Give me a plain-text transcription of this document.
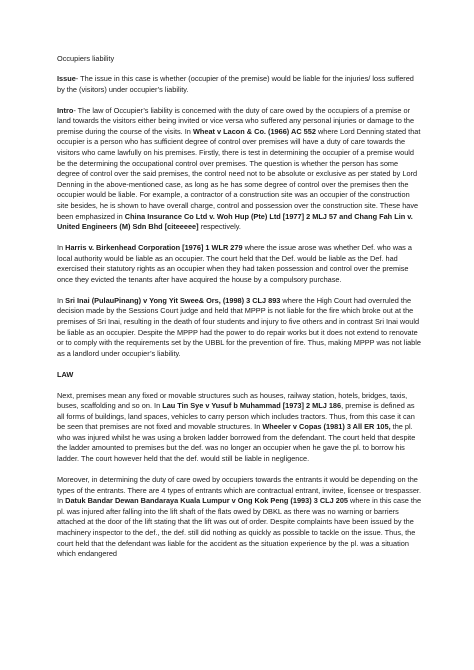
Occupiers liability

Issue- The issue in this case is whether (occupier of the premise) would be liable for the injuries/ loss suffered by the (visitors) under occupier’s liability.

Intro- The law of Occupier’s liability is concerned with the duty of care owed by the occupiers of a premise or land towards the visitors either being invited or vice versa who suffered any personal injuries or damage to the premise during the course of the visits. In Wheat v Lacon & Co. (1966) AC 552 where Lord Denning stated that occupier is a person who has sufficient degree of control over premises will have a duty of care towards the visitors who came lawfully on his premises. Firstly, there is test in determining the occupier of a premise would be the determining the occupational control over premises. The question is whether the person has some degree of control over the said premises, the control need not to be absolute or exclusive as per stated by Lord Denning in the above-mentioned case, as long as he has some degree of control over the premises then the occupier would be liable. For example, a contractor of a construction site was an occupier of the construction site besides, he is shown to have overall charge, control and possession over the construction site. These have been emphasized in China Insurance Co Ltd v. Woh Hup (Pte) Ltd [1977] 2 MLJ 57 and Chang Fah Lin v. United Engineers (M) Sdn Bhd [citeeeee] respectively.

In Harris v. Birkenhead Corporation [1976] 1 WLR 279 where the issue arose was whether Def. who was a local authority would be liable as an occupier. The court held that the Def. would be liable as the Def. had exercised their statutory rights as an occupier when they had taken possession and control over the premise once they evicted the tenants after have acquired the house by a compulsory purchase.

In Sri Inai (PulauPinang) v Yong Yit Swee& Ors, (1998) 3 CLJ 893 where the High Court had overruled the decision made by the Sessions Court judge and held that MPPP is not liable for the fire which broke out at the premises of Sri Inai, resulting in the death of four students and injury to five others and in contrast Sri Inai would be liable as an occupier. Despite the MPPP had the power to do repair works but it does not extend to renovate or to comply with the requirements set by the UBBL for the prevention of fire. Thus, making MPPP was not liable as a landlord under occupier’s liability.

LAW

Next, premises mean any fixed or movable structures such as houses, railway station, hotels, bridges, taxis, buses, scaffolding and so on. In Lau Tin Sye v Yusuf b Muhammad [1973] 2 MLJ 186, premise is defined as all forms of buildings, land spaces, vehicles to carry person which includes tractors. Thus, from this case it can be seen that premises are not fixed and movable structures. In Wheeler v Copas (1981) 3 All ER 105, the pl. who was injured whilst he was using a broken ladder borrowed from the defendant. The court held that despite the ladder amounted to premises but the def. was no longer an occupier when he gave the pl. to borrow his ladder. The court however held that the def. would still be liable in negligence.

Moreover, in determining the duty of care owed by occupiers towards the entrants it would be depending on the types of the entrants. There are 4 types of entrants which are contractual entrant, invitee, licensee or trespasser. In Datuk Bandar Dewan Bandaraya Kuala Lumpur v Ong Kok Peng (1993) 3 CLJ 205 where in this case the pl. was injured after falling into the lift shaft of the flats owed by DBKL as there was no warning or barriers attached at the door of the lift stating that the lift was out of order. Despite complaints have been issued by the machinery inspector to the def., the def. still did nothing as quickly as possible to tackle on the issue. Thus, the court held that the defendant was liable for the accident as the situation experience by the pl. was a situation which endangered
